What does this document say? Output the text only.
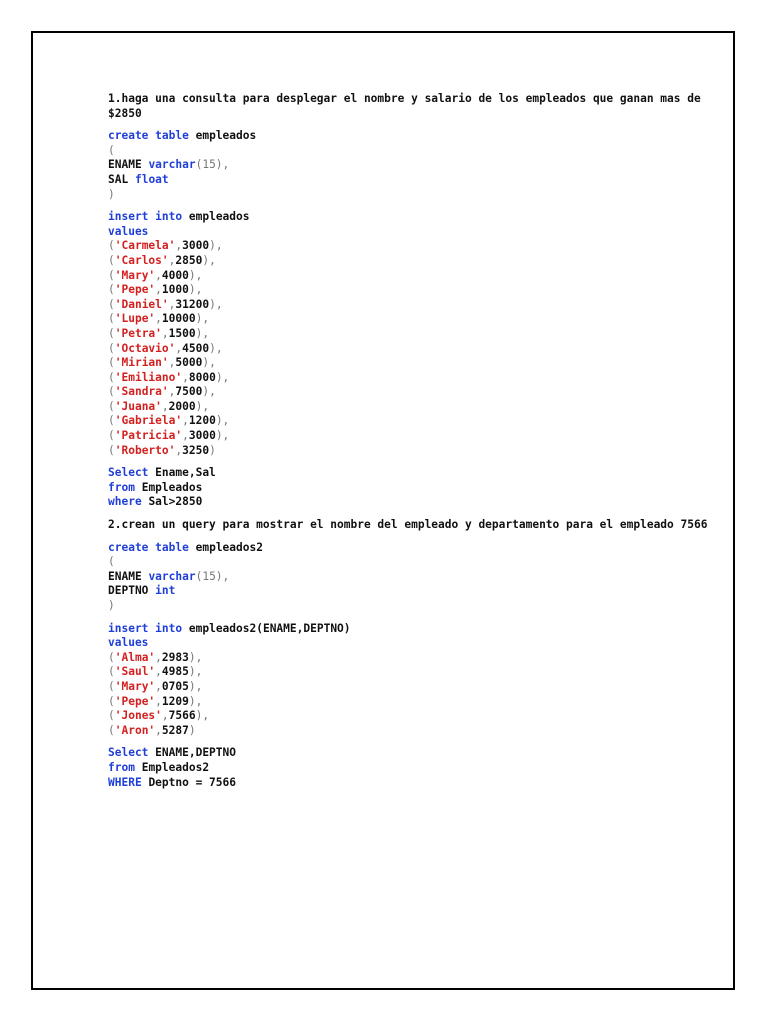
1.haga una consulta para desplegar el nombre y salario de los empleados que ganan mas de $2850
create table empleados
(
ENAME varchar(15),
SAL float
)
insert into empleados
values
('Carmela',3000),
('Carlos',2850),
('Mary',4000),
('Pepe',1000),
('Daniel',31200),
('Lupe',10000),
('Petra',1500),
('Octavio',4500),
('Mirian',5000),
('Emiliano',8000),
('Sandra',7500),
('Juana',2000),
('Gabriela',1200),
('Patricia',3000),
('Roberto',3250)
Select Ename,Sal
from Empleados
where Sal>2850
2.crean un query para mostrar el nombre del empleado y departamento para el empleado 7566
create table empleados2
(
ENAME varchar(15),
DEPTNO int
)
insert into empleados2(ENAME,DEPTNO)
values
('Alma',2983),
('Saul',4985),
('Mary',0705),
('Pepe',1209),
('Jones',7566),
('Aron',5287)
Select ENAME,DEPTNO
from Empleados2
WHERE Deptno = 7566
